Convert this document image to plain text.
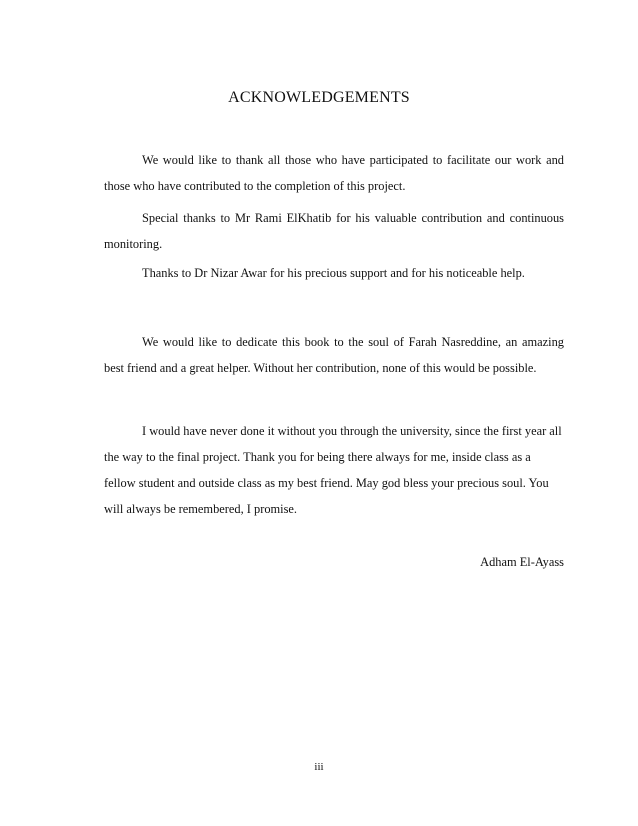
ACKNOWLEDGEMENTS

We would like to thank all those who have participated to facilitate our work and those who have contributed to the completion of this project.

Special thanks to Mr Rami ElKhatib for his valuable contribution and continuous monitoring.

Thanks to Dr Nizar Awar for his precious support and for his noticeable help.

We would like to dedicate this book to the soul of Farah Nasreddine, an amazing best friend and a great helper. Without her contribution, none of this would be possible.

I would have never done it without you through the university, since the first year all the way to the final project. Thank you for being there always for me, inside class as a fellow student and outside class as my best friend. May god bless your precious soul. You will always be remembered, I promise.

Adham El-Ayass

iii
